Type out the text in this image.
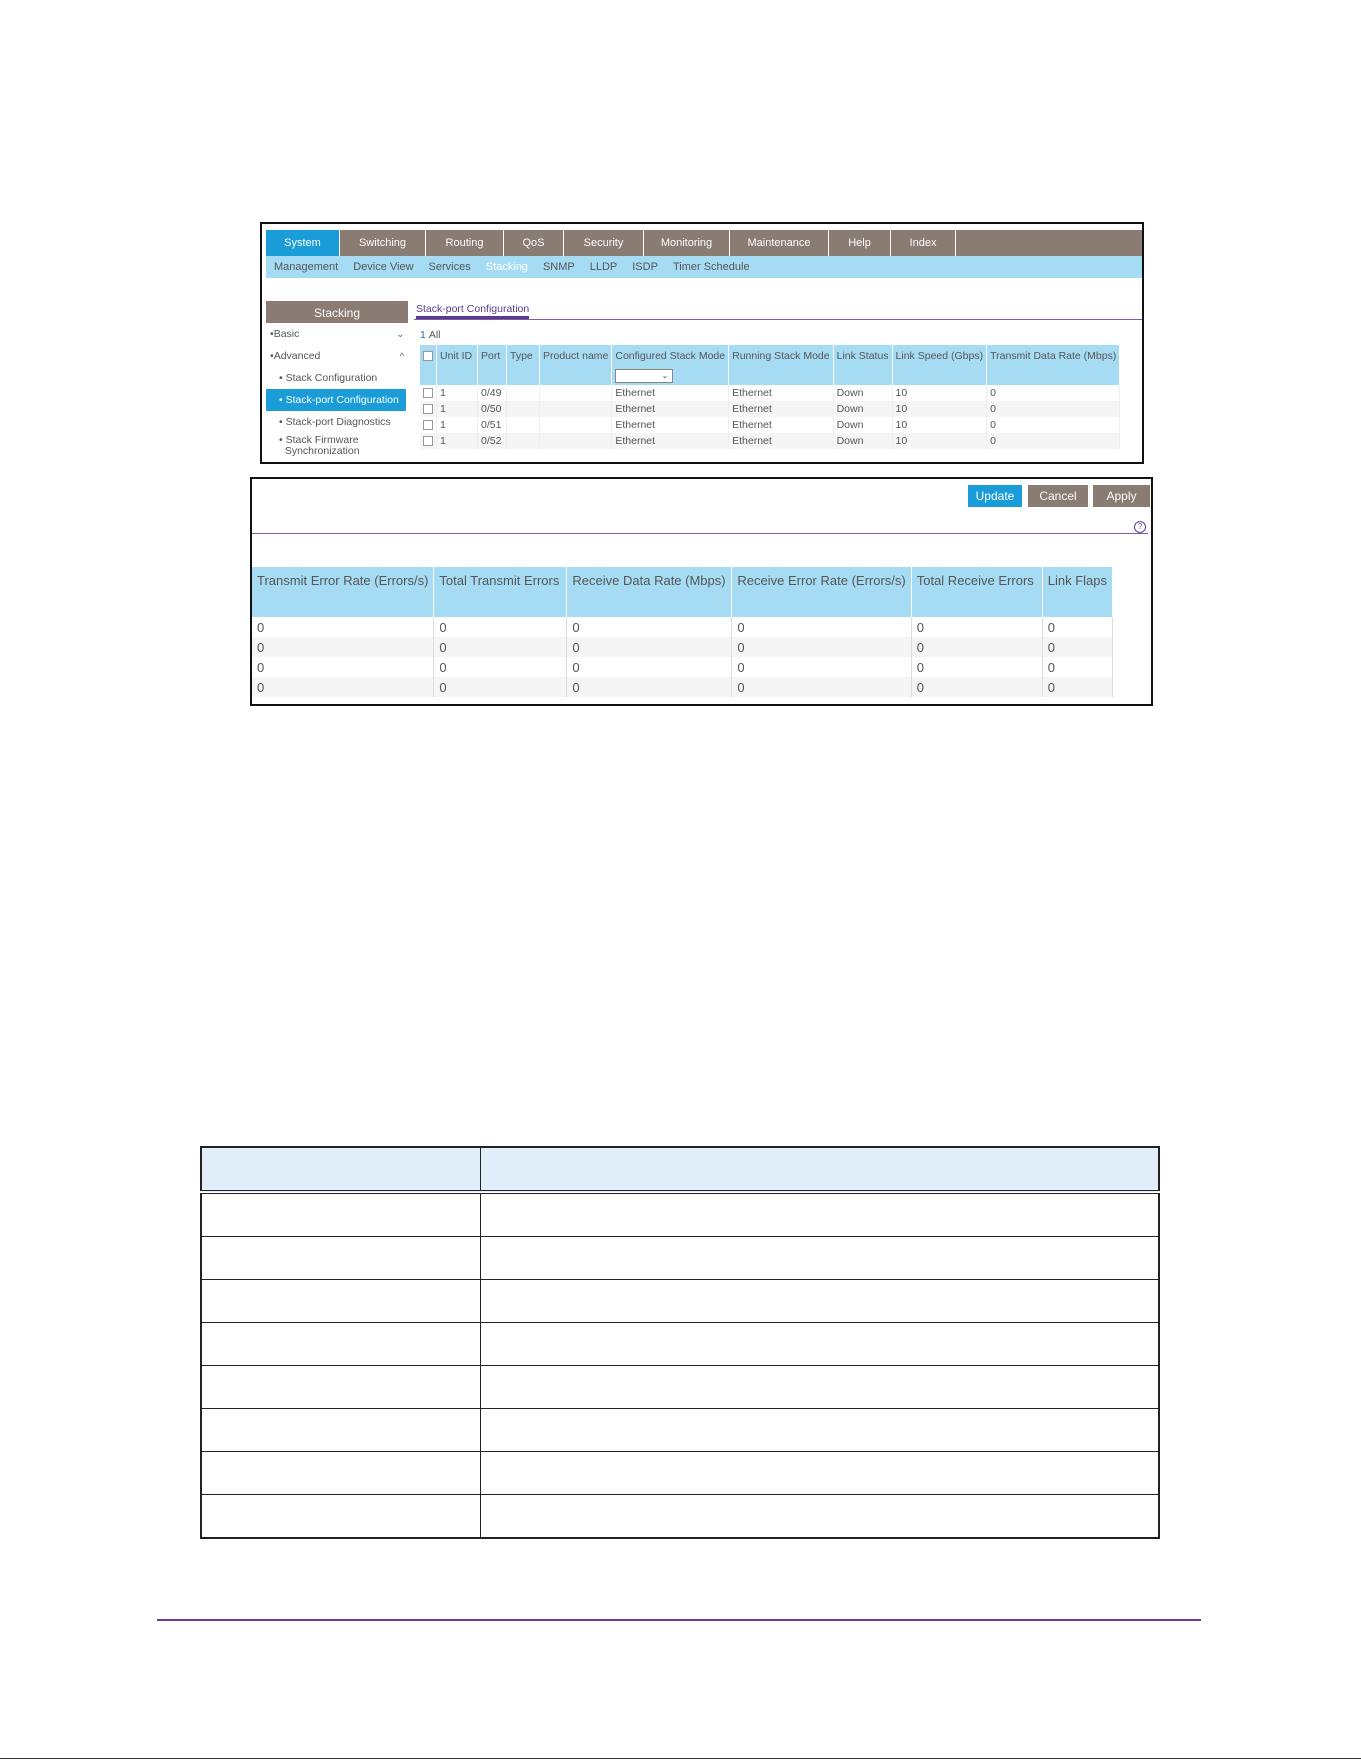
System	Switching	Routing	QoS	Security	Monitoring	Maintenance	Help	Index
Management Device View Services Stacking SNMP LLDP ISDP Timer Schedule
Stacking
•Basic	⌄
•Advanced	^
• Stack Configuration
• Stack-port Configuration
• Stack-port Diagnostics
• Stack Firmware
Synchronization
Stack-port Configuration
1 All
	Unit ID	Port	Type	Product name	Configured Stack Mode	Running Stack Mode	Link Status	Link Speed (Gbps)	Transmit Data Rate (Mbps)

					⌄				

	1	0/49			Ethernet	Ethernet	Down	10	0
	1	0/50			Ethernet	Ethernet	Down	10	0
	1	0/51			Ethernet	Ethernet	Down	10	0
	1	0/52			Ethernet	Ethernet	Down	10	0
Update	Cancel	Apply
?
Transmit Error Rate (Errors/s)	Total Transmit Errors	Receive Data Rate (Mbps)	Receive Error Rate (Errors/s)	Total Receive Errors	Link Flaps

0	0	0	0	0	0
0	0	0	0	0	0
0	0	0	0	0	0
0	0	0	0	0	0
